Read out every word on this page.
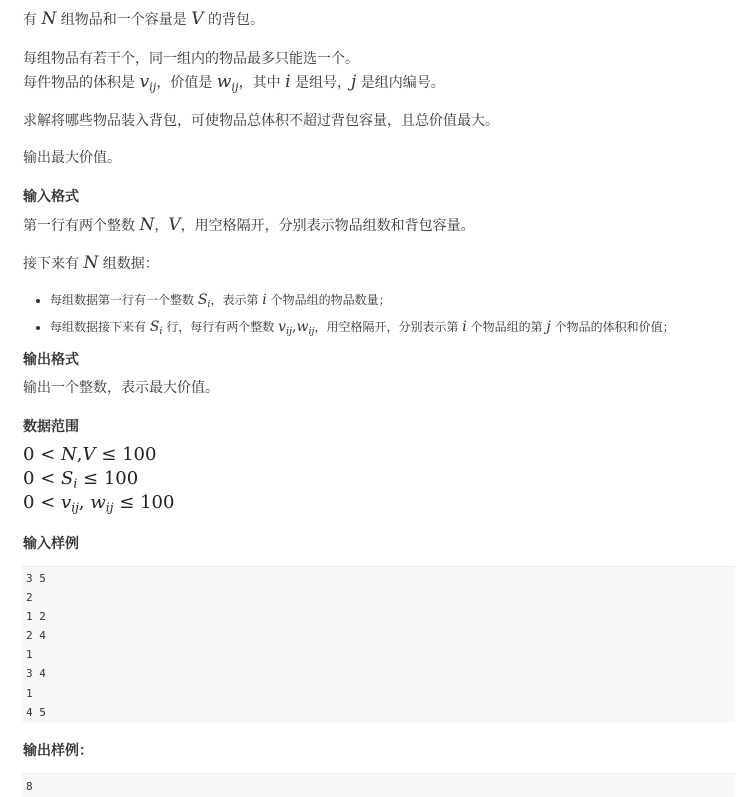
有 N 组物品和一个容量是 V 的背包。
每组物品有若干个，同一组内的物品最多只能选一个。
每件物品的体积是 $v_{ij}$，价值是 $w_{ij}$，其中 i 是组号，j 是组内编号。
求解将哪些物品装入背包，可使物品总体积不超过背包容量，且总价值最大。
输出最大价值。
输入格式
第一行有两个整数 N，V，用空格隔开，分别表示物品组数和背包容量。
接下来有 N 组数据：
• 每组数据第一行有一个整数 $S_i$，表示第 i 个物品组的物品数量；
• 每组数据接下来有 $S_i$ 行，每行有两个整数 $v_{ij},w_{ij}$，用空格隔开，分别表示第 i 个物品组的第 j 个物品的体积和价值；
输出格式
输出一个整数，表示最大价值。
数据范围
0 < N,V ≤ 100
$0 < S_i \le 100$
$0 < v_{ij}$, $w_{ij} \le 100$
输入样例
3 5
2
1 2
2 4
1
3 4
1
4 5
输出样例：
8
